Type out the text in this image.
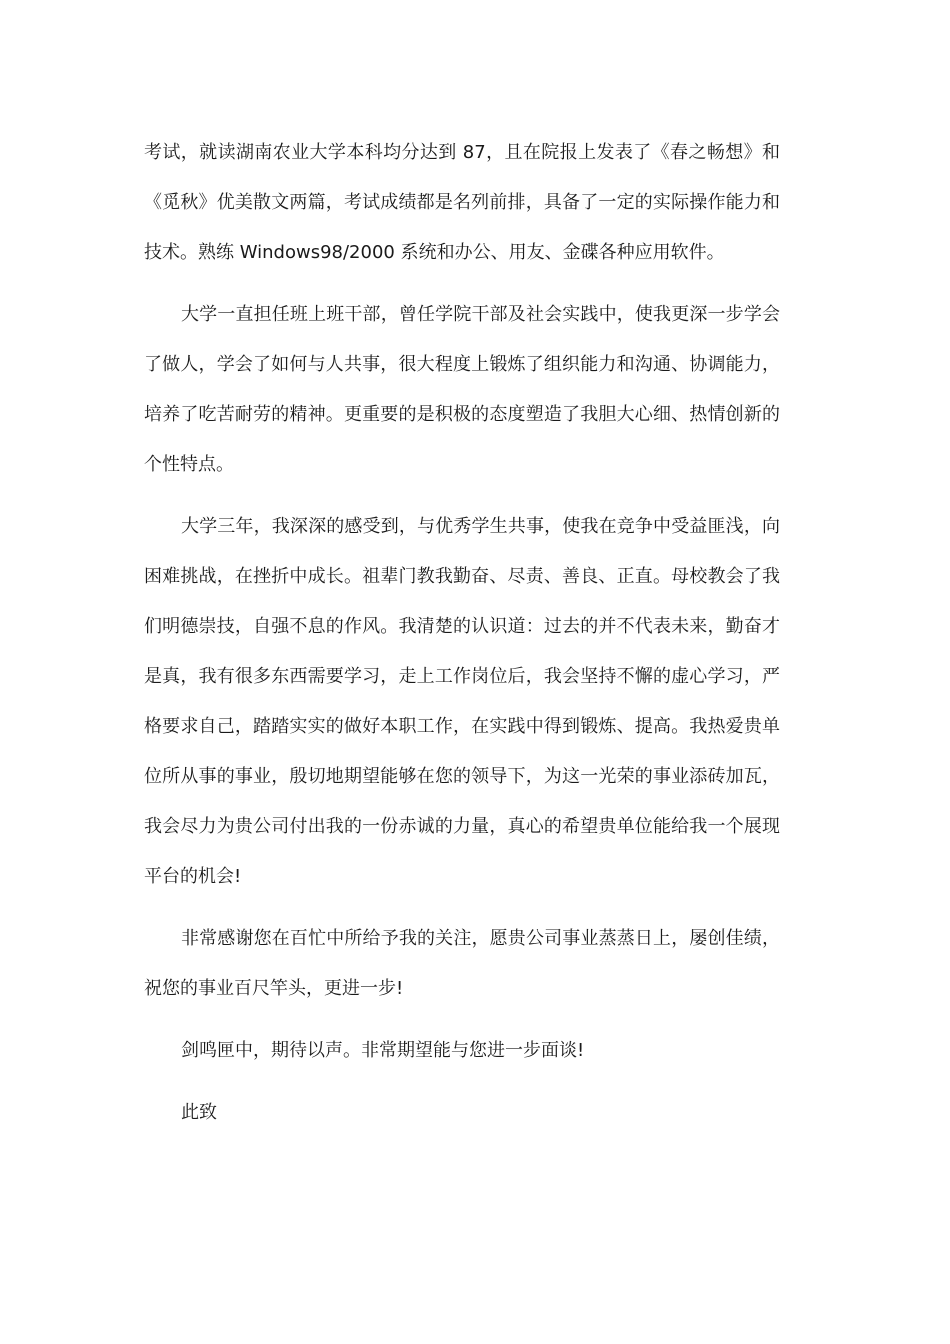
考试，就读湖南农业大学本科均分达到 87，且在院报上发表了《春之畅想》和《觅秋》优美散文两篇，考试成绩都是名列前排，具备了一定的实际操作能力和技术。熟练 Windows98/2000 系统和办公、用友、金碟各种应用软件。

大学一直担任班上班干部，曾任学院干部及社会实践中，使我更深一步学会了做人，学会了如何与人共事，很大程度上锻炼了组织能力和沟通、协调能力，培养了吃苦耐劳的精神。更重要的是积极的态度塑造了我胆大心细、热情创新的个性特点。

大学三年，我深深的感受到，与优秀学生共事，使我在竞争中受益匪浅，向困难挑战，在挫折中成长。祖辈门教我勤奋、尽责、善良、正直。母校教会了我们明德崇技，自强不息的作风。我清楚的认识道：过去的并不代表未来，勤奋才是真，我有很多东西需要学习，走上工作岗位后，我会坚持不懈的虚心学习，严格要求自己，踏踏实实的做好本职工作，在实践中得到锻炼、提高。我热爱贵单位所从事的事业，殷切地期望能够在您的领导下，为这一光荣的事业添砖加瓦，我会尽力为贵公司付出我的一份赤诚的力量，真心的希望贵单位能给我一个展现平台的机会!

非常感谢您在百忙中所给予我的关注，愿贵公司事业蒸蒸日上，屡创佳绩，祝您的事业百尺竿头，更进一步!

剑鸣匣中，期待以声。非常期望能与您进一步面谈!

此致
